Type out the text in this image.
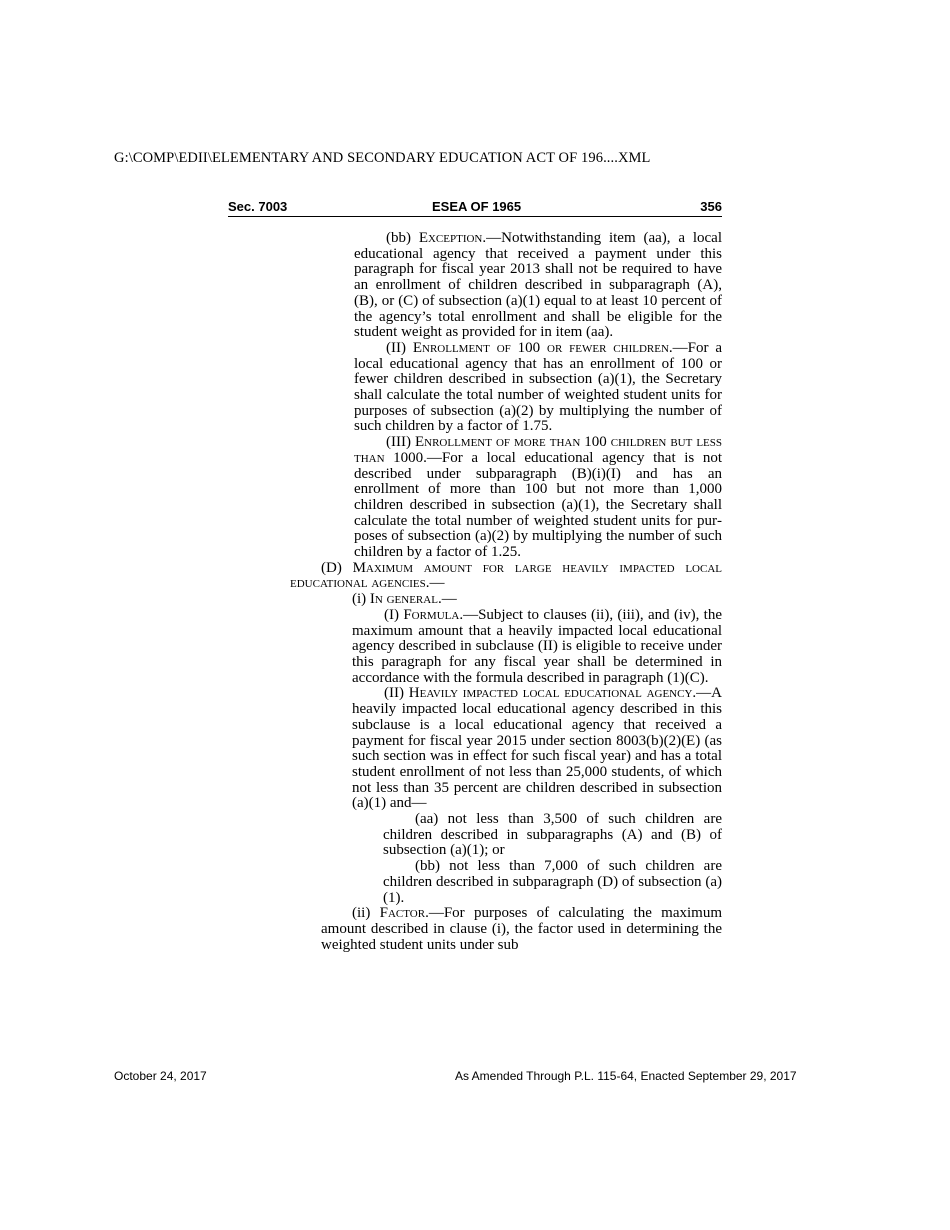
G:\COMP\EDII\ELEMENTARY AND SECONDARY EDUCATION ACT OF 196....XML
Sec. 7003	ESEA OF 1965	356

(bb) Exception.—Notwithstanding item (aa), a local educational agency that received a payment under this paragraph for fiscal year 2013 shall not be required to have an enrollment of children described in subparagraph (A), (B), or (C) of subsection (a)(1) equal to at least 10 percent of the agency’s total enrollment and shall be eligible for the student weight as provided for in item (aa).

(II) Enrollment of 100 or fewer children.—For a local educational agency that has an enrollment of 100 or fewer children described in subsection (a)(1), the Secretary shall calculate the total number of weighted student units for purposes of subsection (a)(2) by multiplying the number of such children by a factor of 1.75.

(III) Enrollment of more than 100 children but less than 1000.—For a local educational agency that is not described under subparagraph (B)(i)(I) and has an enrollment of more than 100 but not more than 1,000 children described in subsection (a)(1), the Secretary shall calculate the total number of weighted student units for purposes of subsection (a)(2) by multiplying the number of such children by a factor of 1.25.

(D) Maximum amount for large heavily impacted local educational agencies.—

(i) In general.—

(I) Formula.—Subject to clauses (ii), (iii), and (iv), the maximum amount that a heavily impacted local educational agency described in subclause (II) is eligible to receive under this paragraph for any fiscal year shall be determined in accordance with the formula described in paragraph (1)(C).

(II) Heavily impacted local educational agency.—A heavily impacted local educational agency described in this subclause is a local educational agency that received a payment for fiscal year 2015 under section 8003(b)(2)(E) (as such section was in effect for such fiscal year) and has a total student enrollment of not less than 25,000 students, of which not less than 35 percent are children described in subsection (a)(1) and—

(aa) not less than 3,500 of such children are children described in subparagraphs (A) and (B) of subsection (a)(1); or

(bb) not less than 7,000 of such children are children described in subparagraph (D) of subsection (a)(1).

(ii) Factor.—For purposes of calculating the maximum amount described in clause (i), the factor used in determining the weighted student units under sub

October 24, 2017	As Amended Through P.L. 115-64, Enacted September 29, 2017
